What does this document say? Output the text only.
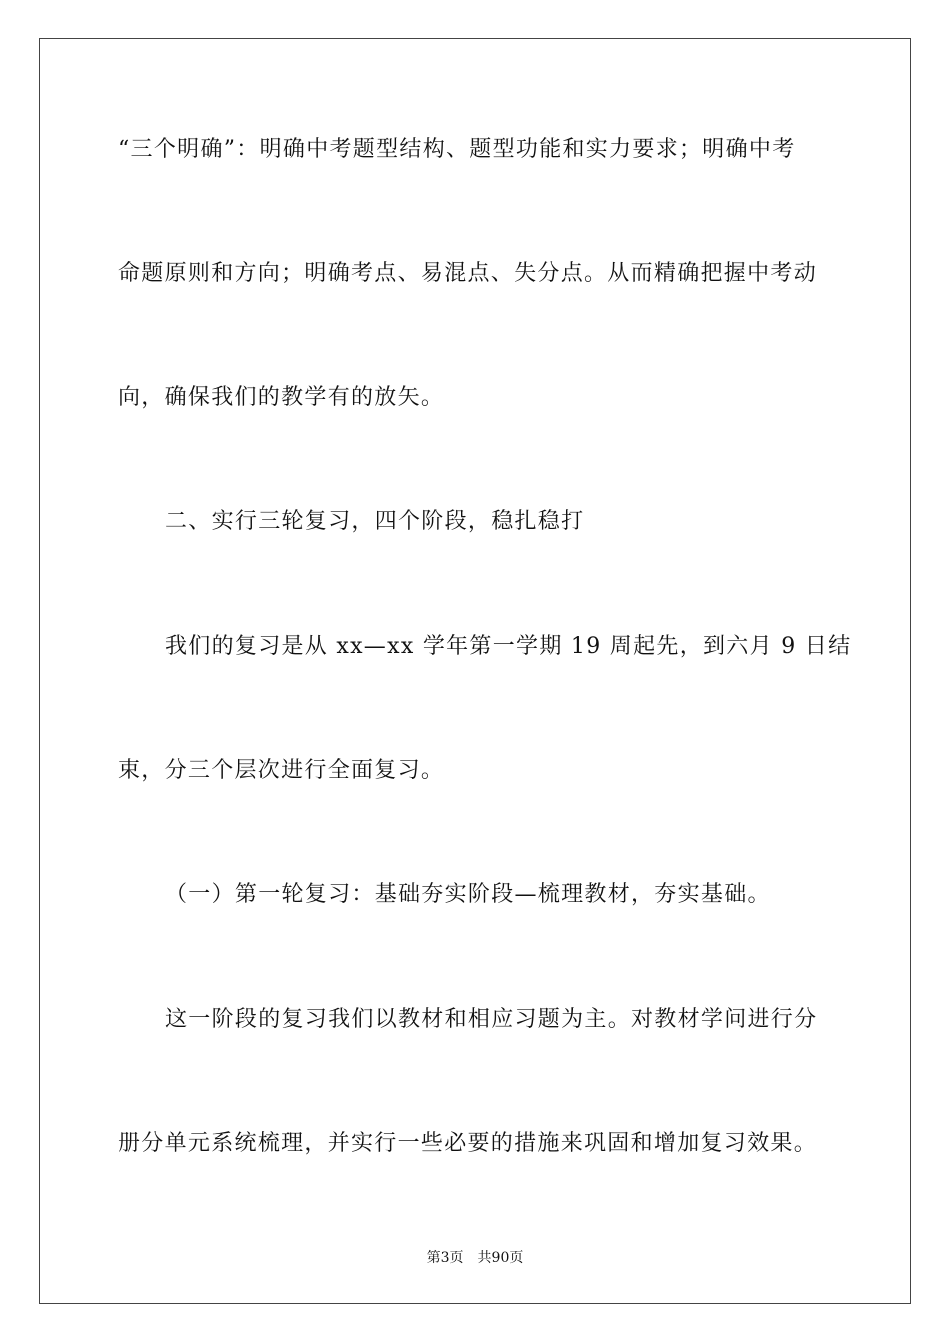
“三个明确”：明确中考题型结构、题型功能和实力要求；明确中考
命题原则和方向；明确考点、易混点、失分点。从而精确把握中考动
向，确保我们的教学有的放矢。
二、实行三轮复习，四个阶段，稳扎稳打
我们的复习是从 xx—xx 学年第一学期 19 周起先，到六月 9 日结
束，分三个层次进行全面复习。
（一）第一轮复习：基础夯实阶段—梳理教材，夯实基础。
这一阶段的复习我们以教材和相应习题为主。对教材学问进行分
册分单元系统梳理，并实行一些必要的措施来巩固和增加复习效果。
第3页 共90页
